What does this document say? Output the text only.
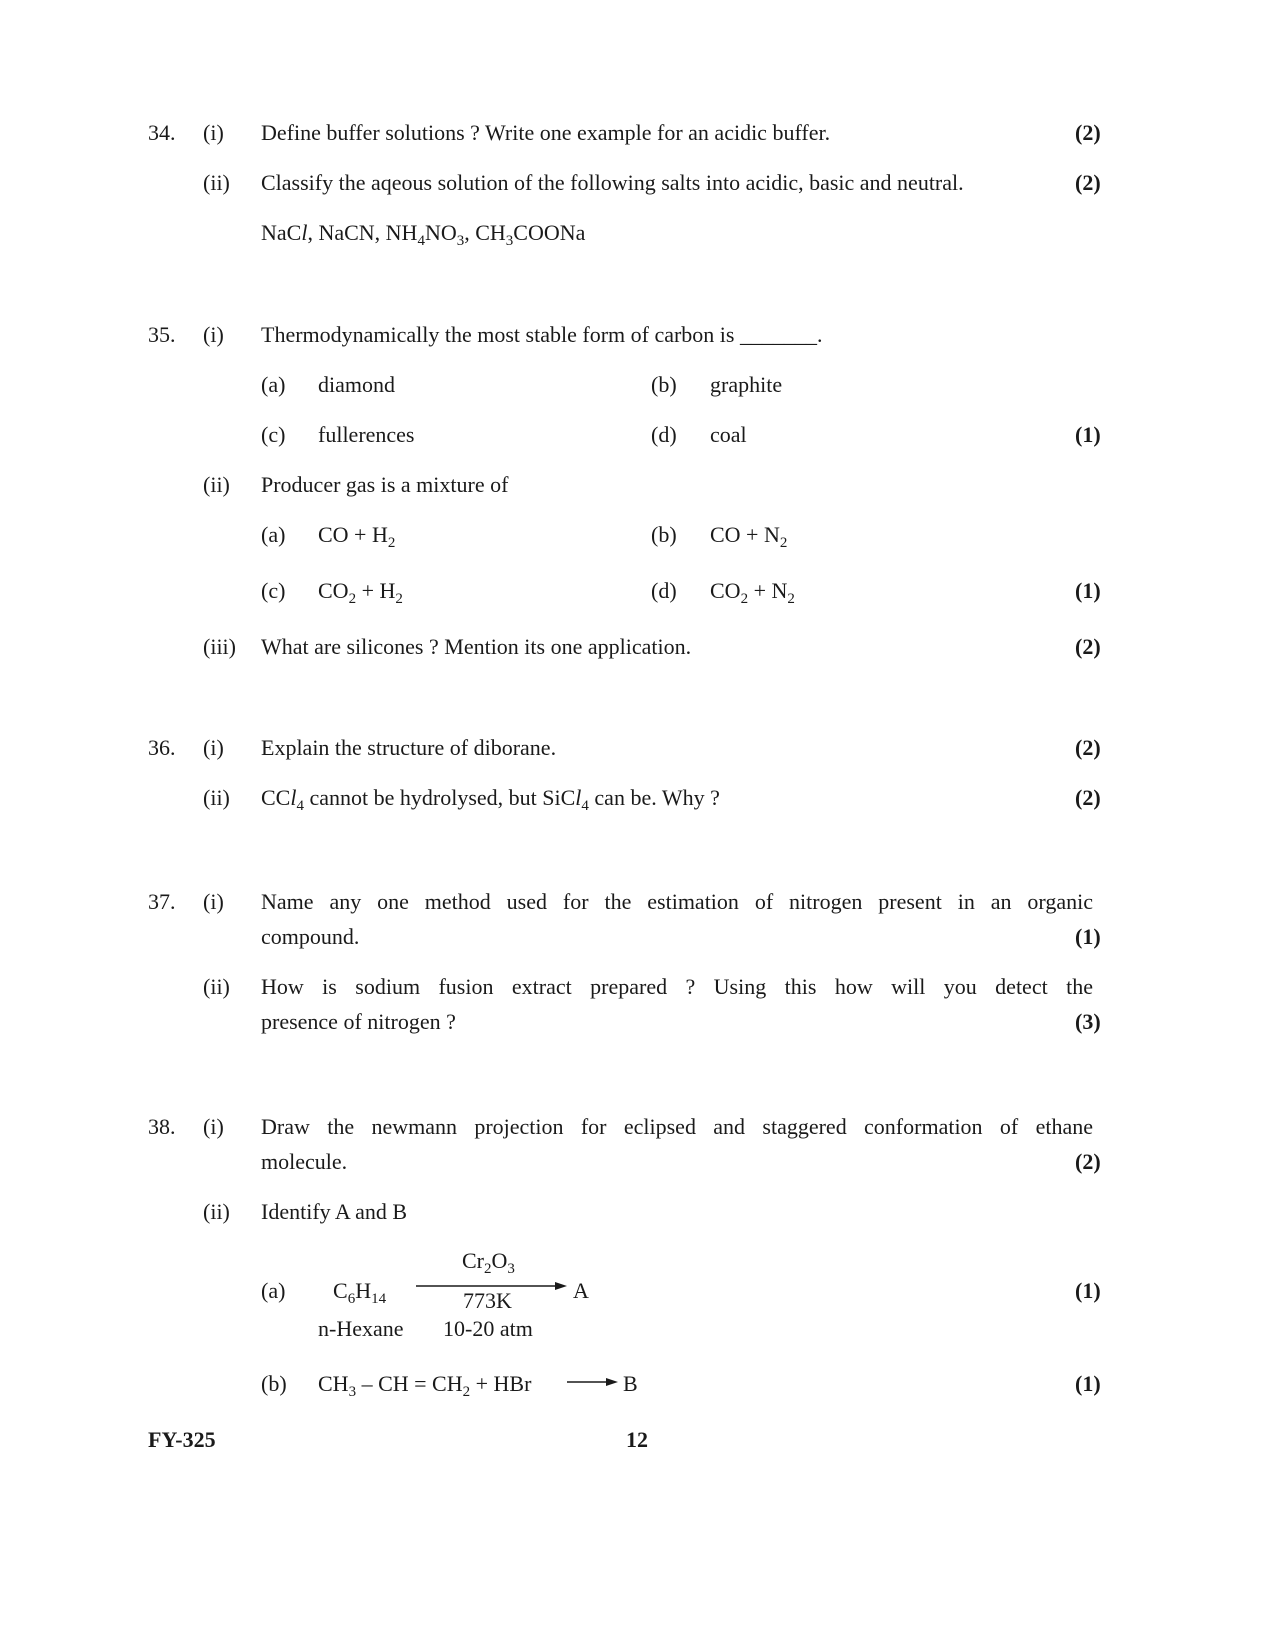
34. (i) Define buffer solutions ? Write one example for an acidic buffer.	(2)
(ii) Classify the aqeous solution of the following salts into acidic, basic and neutral.	(2)
NaCl, NaCN, $NH_4NO_3$, $CH_3COONa$
35. (i) Thermodynamically the most stable form of carbon is _______.
(a) diamond	(b) graphite
(c) fullerences	(d) coal	(1)
(ii) Producer gas is a mixture of
(a) CO + $H_2$	(b) CO + $N_2$
(c) $CO_2 + H_2$	(d) $CO_2 + N_2$	(1)
(iii) What are silicones ? Mention its one application.	(2)
36. (i) Explain the structure of diborane.	(2)
(ii) CCl$_4$ cannot be hydrolysed, but SiCl$_4$ can be. Why ?	(2)
37. (i) Name any one method used for the estimation of nitrogen present in an organic
compound.	(1)
(ii) How is sodium fusion extract prepared ? Using this how will you detect the
presence of nitrogen ?	(3)
38. (i) Draw the newmann projection for eclipsed and staggered conformation of ethane
molecule.	(2)
(ii) Identify A and B
(a) $C_6H_{14}$
n-Hexane
$Cr_2O_3$
773K
10-20 atm
A	(1)
(b) $CH_3$ – CH = $CH_2$ + HBr	B	(1)
FY-325	12
